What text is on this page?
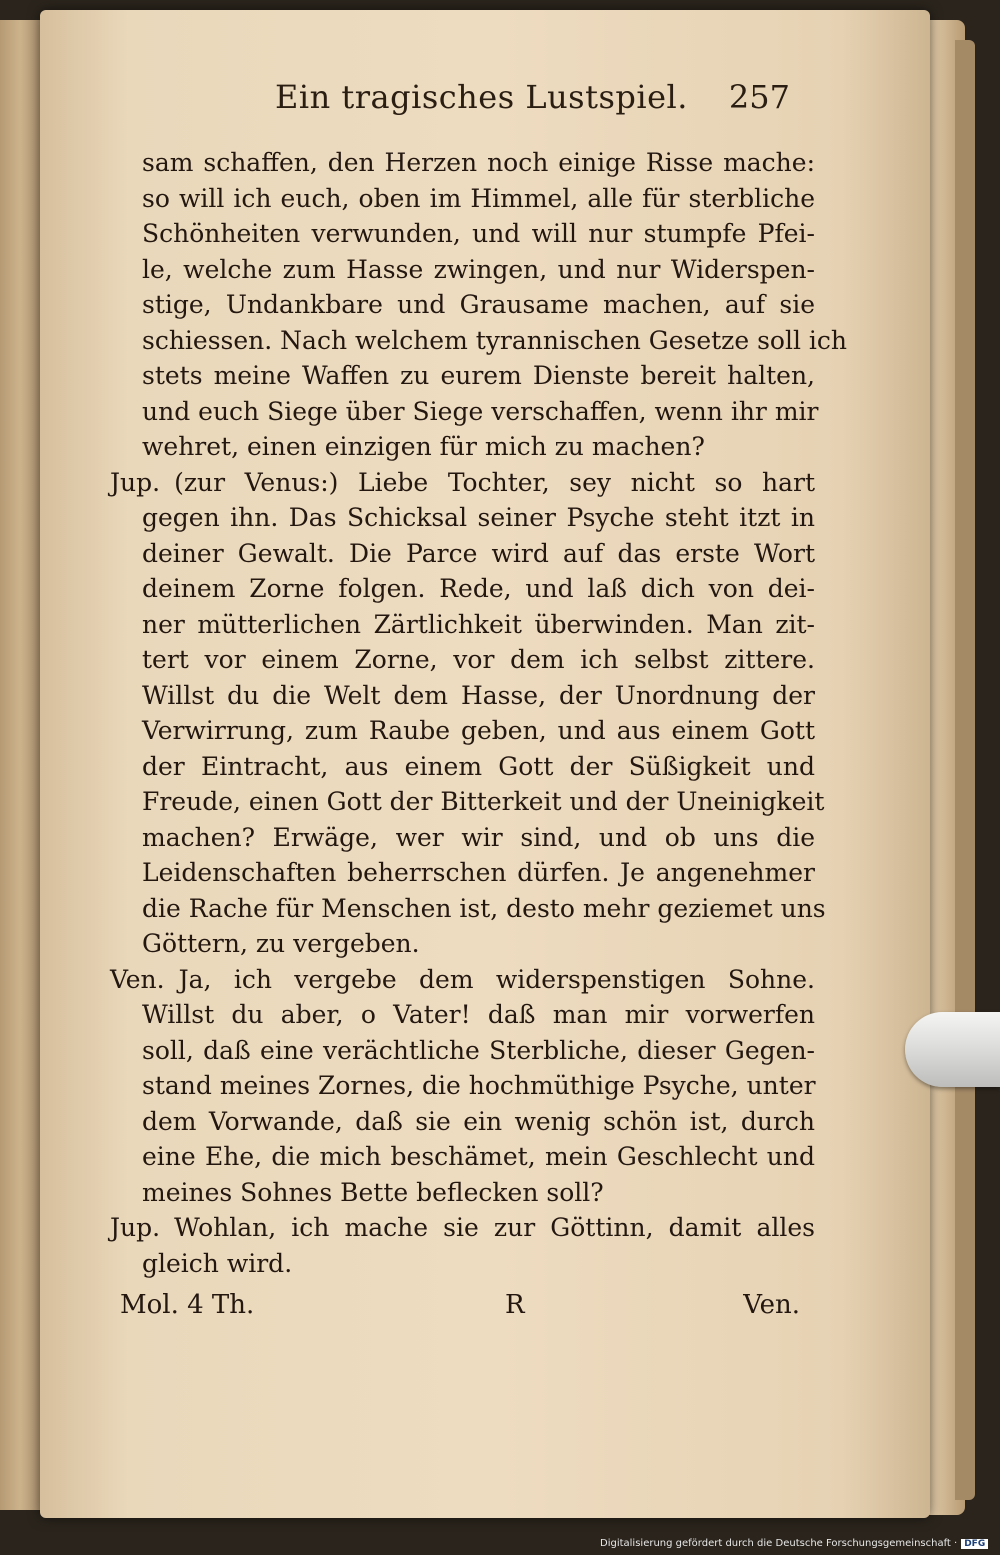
Ein tragisches Lustspiel. 257
sam schaffen, den Herzen noch einige Risse mache:
so will ich euch, oben im Himmel, alle für sterbliche
Schönheiten verwunden, und will nur stumpfe Pfei-
le, welche zum Hasse zwingen, und nur Widerspen-
stige, Undankbare und Grausame machen, auf sie
schiessen. Nach welchem tyrannischen Gesetze soll ich
stets meine Waffen zu eurem Dienste bereit halten,
und euch Siege über Siege verschaffen, wenn ihr mir
wehret, einen einzigen für mich zu machen?
Jup. (zur Venus:) Liebe Tochter, sey nicht so hart
gegen ihn. Das Schicksal seiner Psyche steht itzt in
deiner Gewalt. Die Parce wird auf das erste Wort
deinem Zorne folgen. Rede, und laß dich von dei-
ner mütterlichen Zärtlichkeit überwinden. Man zit-
tert vor einem Zorne, vor dem ich selbst zittere.
Willst du die Welt dem Hasse, der Unordnung der
Verwirrung, zum Raube geben, und aus einem Gott
der Eintracht, aus einem Gott der Süßigkeit und
Freude, einen Gott der Bitterkeit und der Uneinigkeit
machen? Erwäge, wer wir sind, und ob uns die
Leidenschaften beherrschen dürfen. Je angenehmer
die Rache für Menschen ist, desto mehr geziemet uns
Göttern, zu vergeben.
Ven. Ja, ich vergebe dem widerspenstigen Sohne.
Willst du aber, o Vater! daß man mir vorwerfen
soll, daß eine verächtliche Sterbliche, dieser Gegen-
stand meines Zornes, die hochmüthige Psyche, unter
dem Vorwande, daß sie ein wenig schön ist, durch
eine Ehe, die mich beschämet, mein Geschlecht und
meines Sohnes Bette beflecken soll?
Jup. Wohlan, ich mache sie zur Göttinn, damit alles
gleich wird.
Mol. 4 Th.	R	Ven.
Digitalisierung gefördert durch die Deutsche Forschungsgemeinschaft · DFG
